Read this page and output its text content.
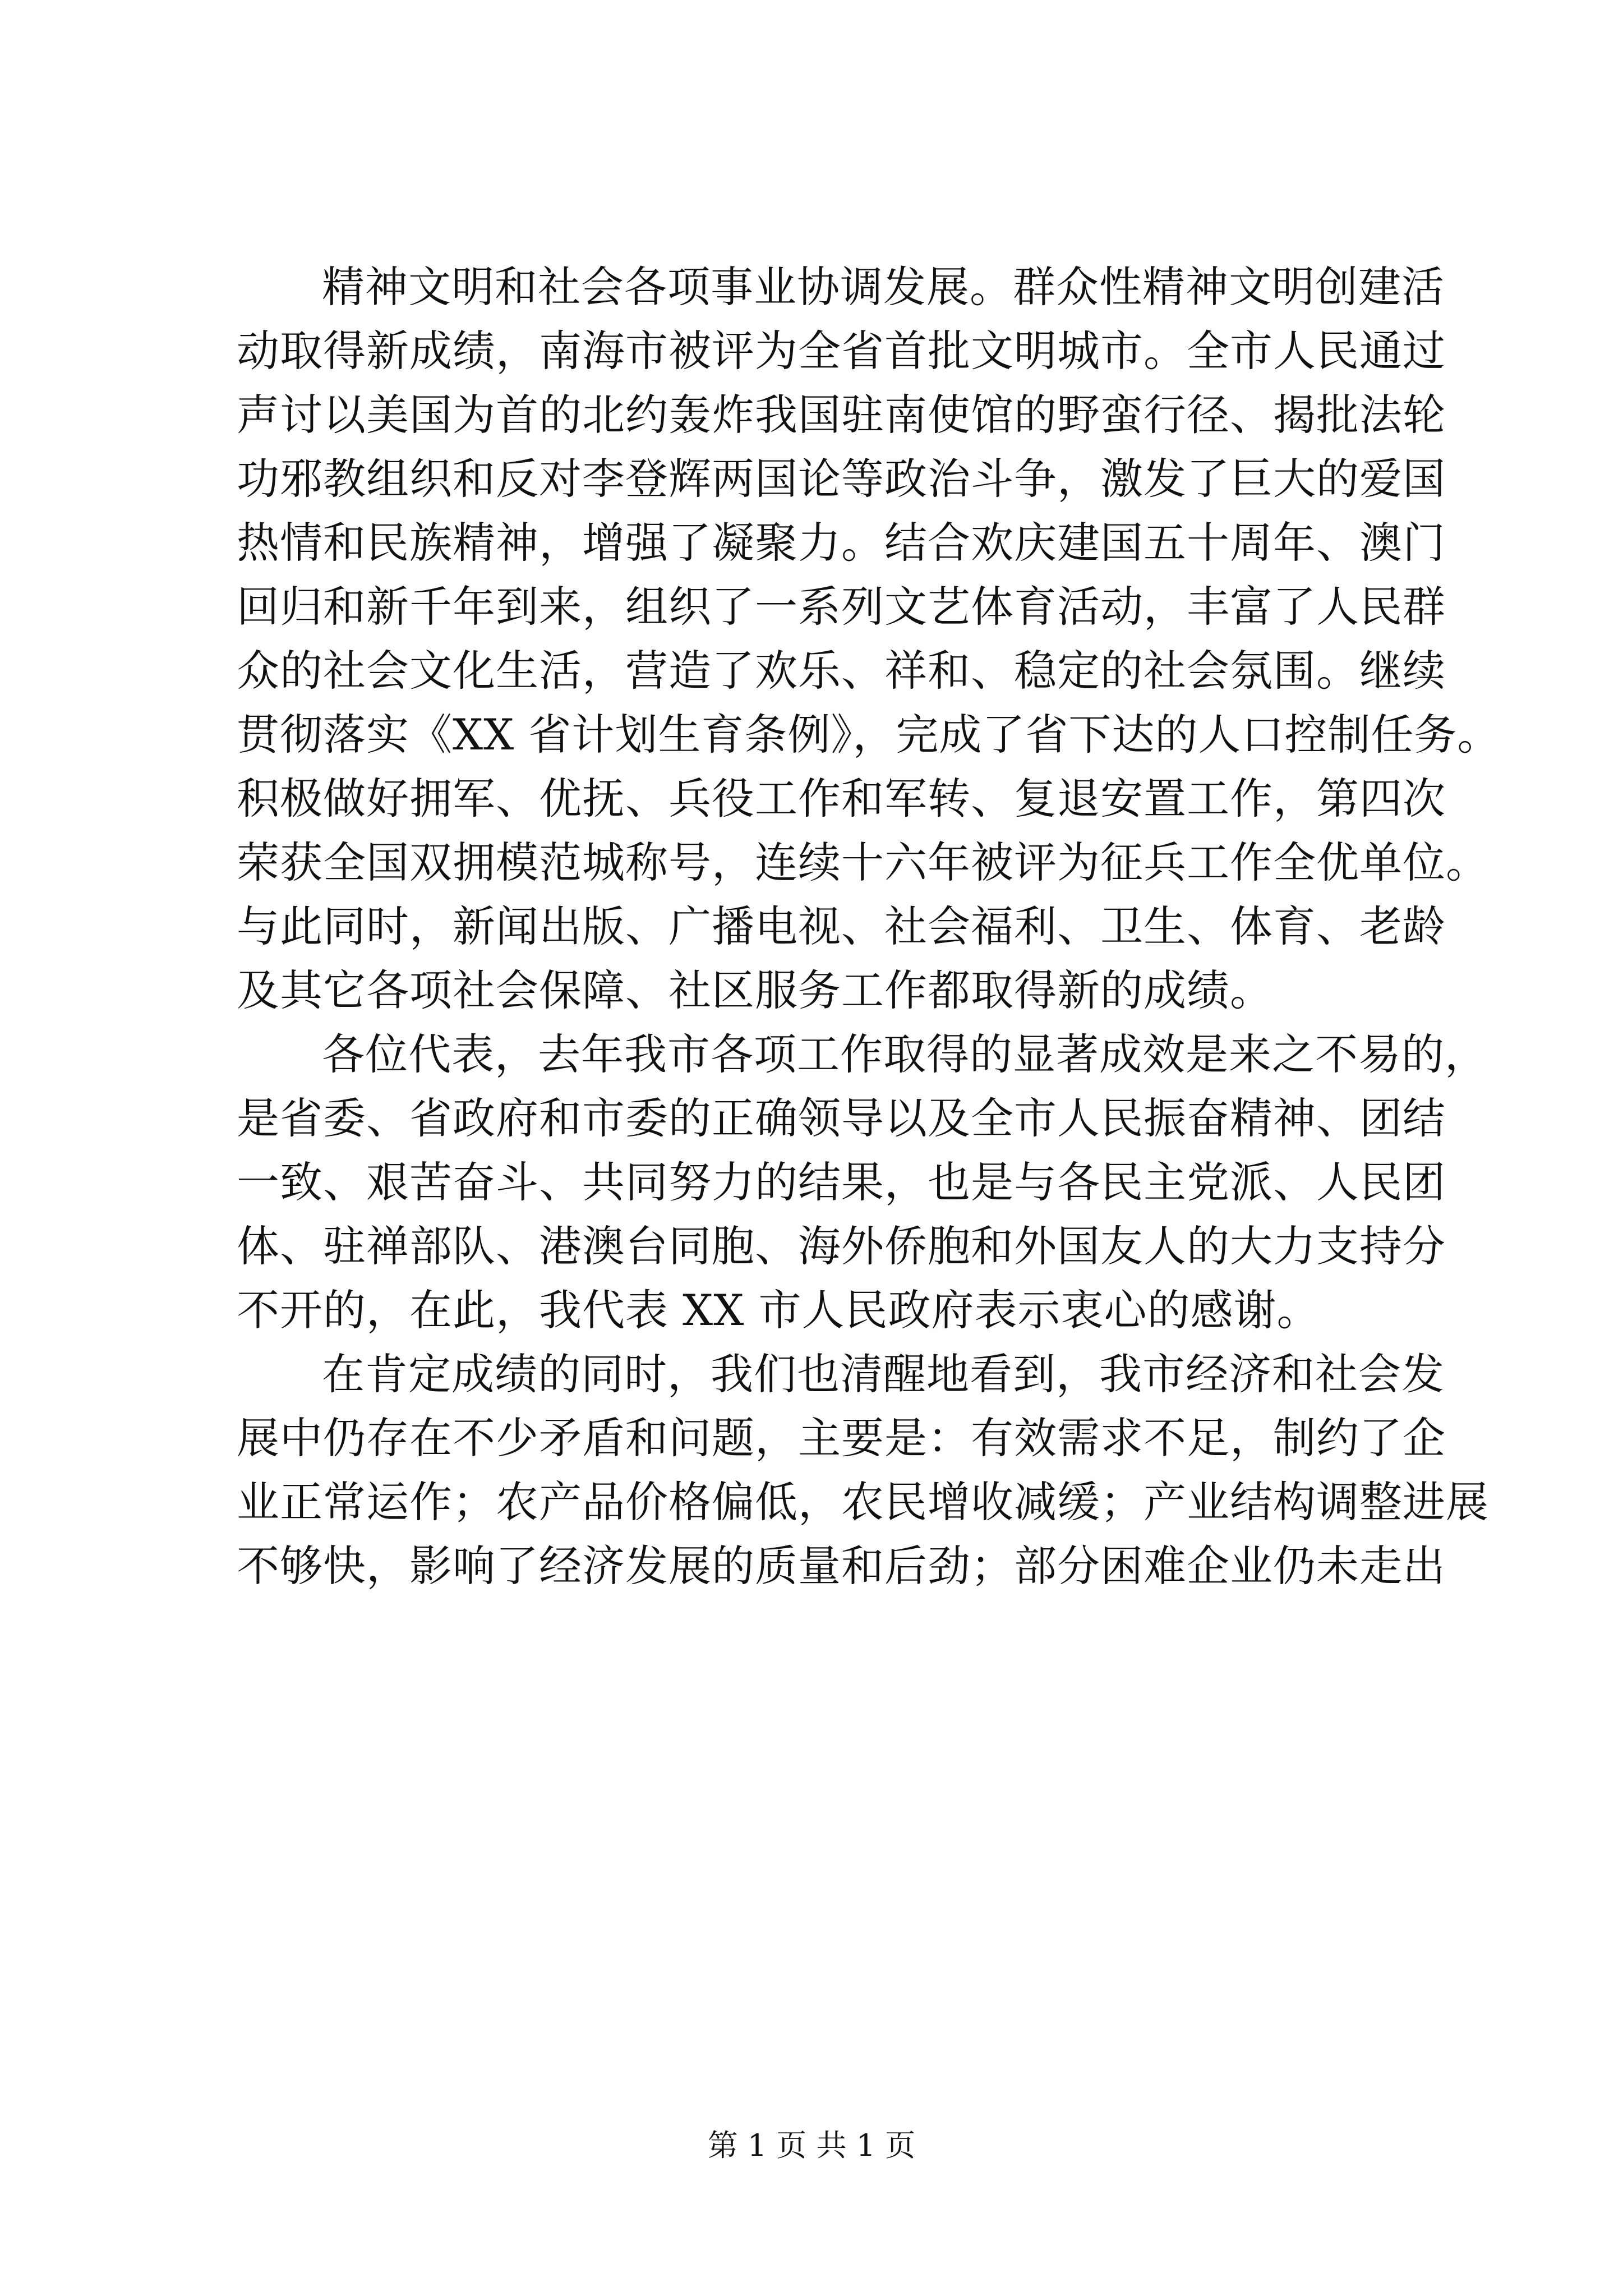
精神文明和社会各项事业协调发展。群众性精神文明创建活
动取得新成绩，南海市被评为全省首批文明城市。全市人民通过
声讨以美国为首的北约轰炸我国驻南使馆的野蛮行径、揭批法轮
功邪教组织和反对李登辉两国论等政治斗争，激发了巨大的爱国
热情和民族精神，增强了凝聚力。结合欢庆建国五十周年、澳门
回归和新千年到来，组织了一系列文艺体育活动，丰富了人民群
众的社会文化生活，营造了欢乐、祥和、稳定的社会氛围。继续
贯彻落实《XX 省计划生育条例》，完成了省下达的人口控制任务。
积极做好拥军、优抚、兵役工作和军转、复退安置工作，第四次
荣获全国双拥模范城称号，连续十六年被评为征兵工作全优单位。
与此同时，新闻出版、广播电视、社会福利、卫生、体育、老龄
及其它各项社会保障、社区服务工作都取得新的成绩。
各位代表，去年我市各项工作取得的显著成效是来之不易的，
是省委、省政府和市委的正确领导以及全市人民振奋精神、团结
一致、艰苦奋斗、共同努力的结果，也是与各民主党派、人民团
体、驻禅部队、港澳台同胞、海外侨胞和外国友人的大力支持分
不开的，在此，我代表 XX 市人民政府表示衷心的感谢。
在肯定成绩的同时，我们也清醒地看到，我市经济和社会发
展中仍存在不少矛盾和问题，主要是：有效需求不足，制约了企
业正常运作；农产品价格偏低，农民增收减缓；产业结构调整进展
不够快，影响了经济发展的质量和后劲；部分困难企业仍未走出
第 1 页 共 1 页
